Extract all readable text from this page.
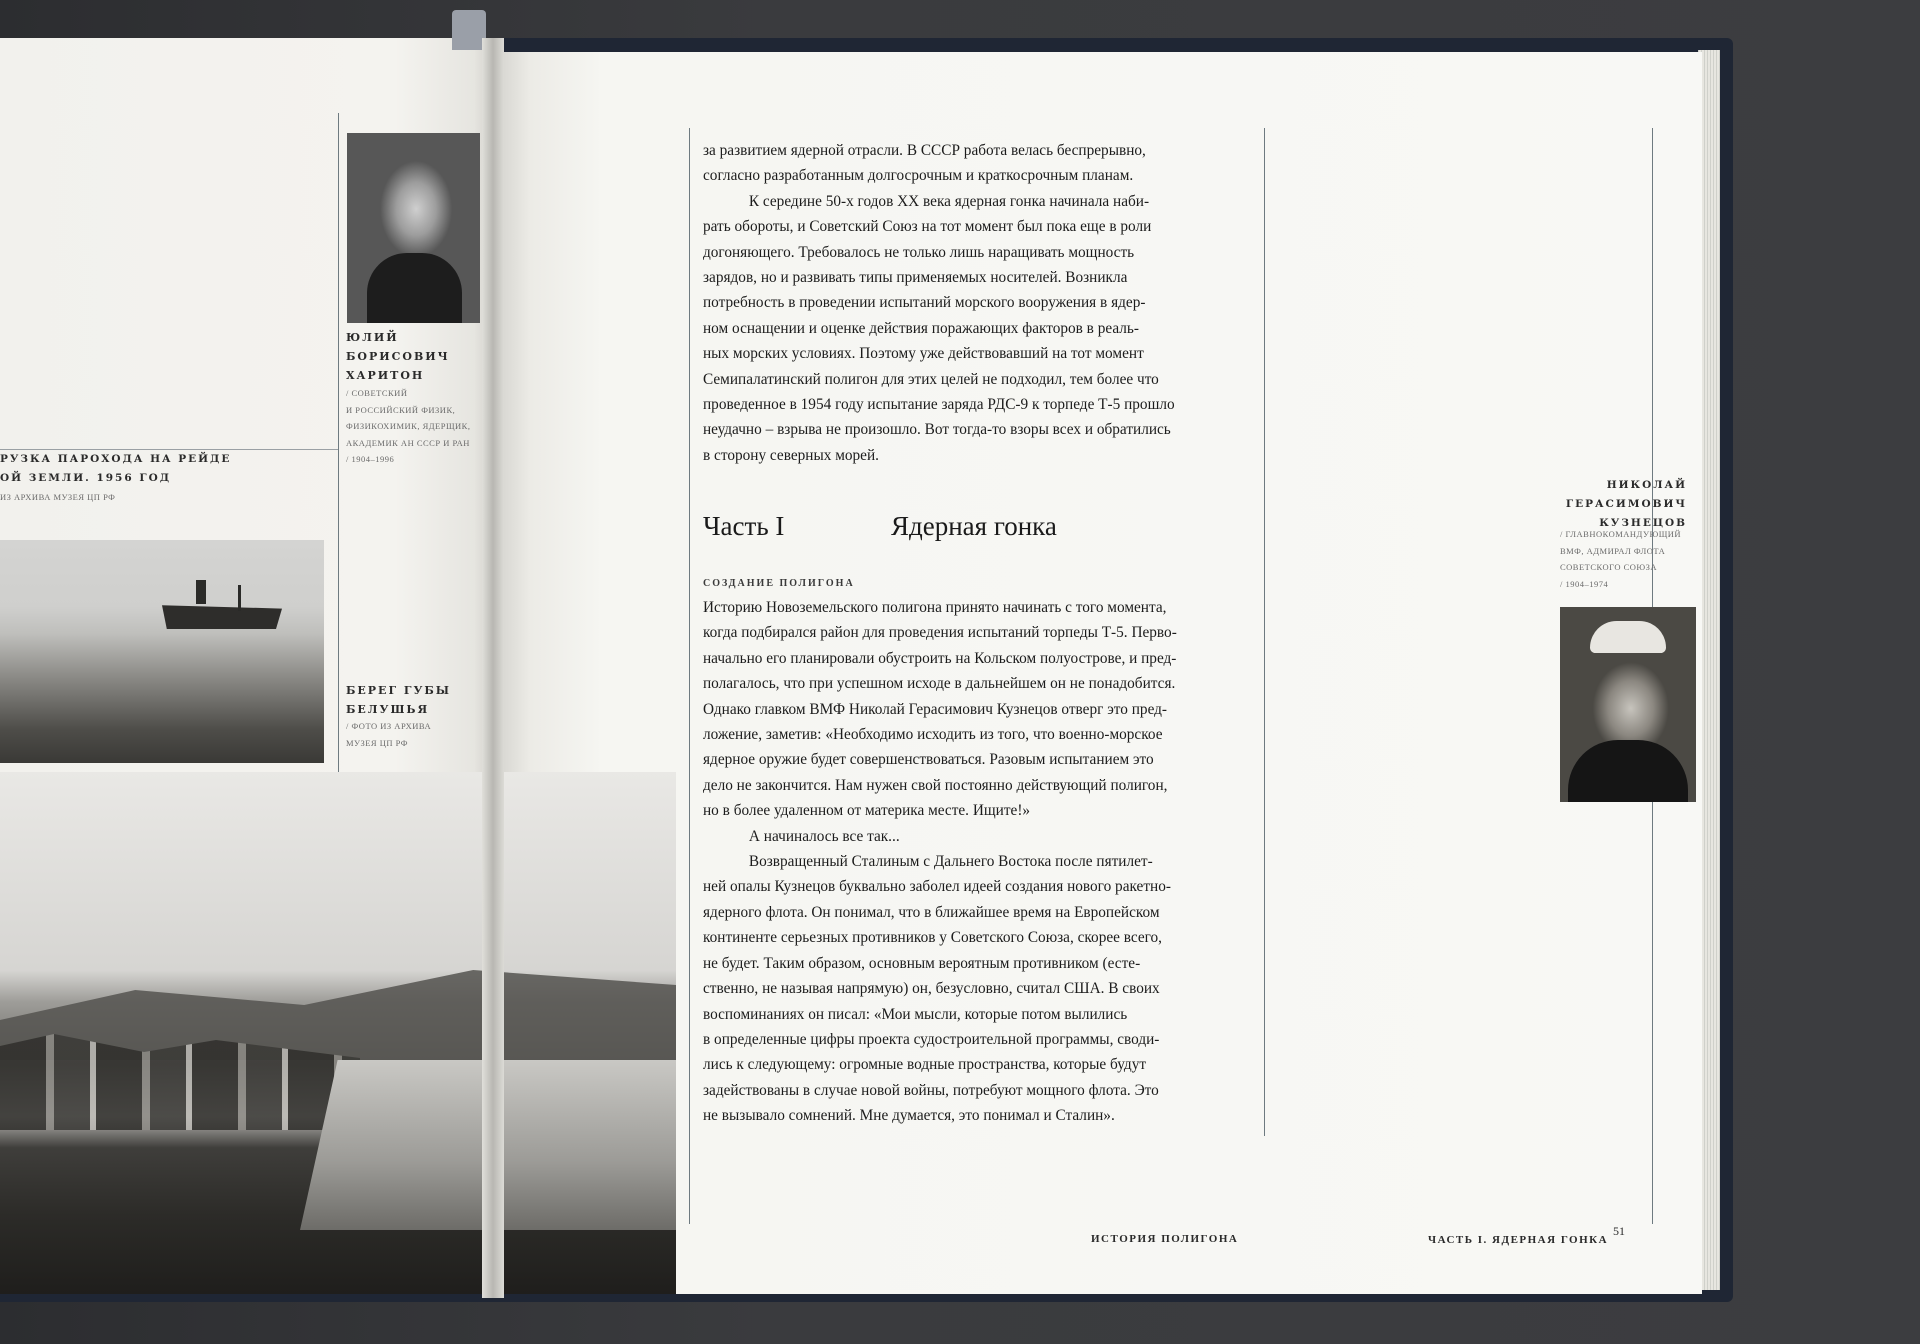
ЮЛИЙ
БОРИСОВИЧ
ХАРИТОН
/ СОВЕТСКИЙ
И РОССИЙСКИЙ ФИЗИК,
ФИЗИКОХИМИК, ЯДЕРЩИК,
АКАДЕМИК АН СССР И РАН
/ 1904–1996
РУЗКА ПАРОХОДА НА РЕЙДЕ
ОЙ ЗЕМЛИ. 1956 ГОД
ИЗ АРХИВА МУЗЕЯ ЦП РФ
БЕРЕГ ГУБЫ
БЕЛУШЬЯ
/ ФОТО ИЗ АРХИВА
МУЗЕЯ ЦП РФ
за развитием ядерной отрасли. В СССР работа велась беспрерывно,
согласно разработанным долгосрочным и краткосрочным планам.
К середине 50-х годов XX века ядерная гонка начинала наби-
рать обороты, и Советский Союз на тот момент был пока еще в роли
догоняющего. Требовалось не только лишь наращивать мощность
зарядов, но и развивать типы применяемых носителей. Возникла
потребность в проведении испытаний морского вооружения в ядер-
ном оснащении и оценке действия поражающих факторов в реаль-
ных морских условиях. Поэтому уже действовавший на тот момент
Семипалатинский полигон для этих целей не подходил, тем более что
проведенное в 1954 году испытание заряда РДС-9 к торпеде Т-5 прошло
неудачно – взрыва не произошло. Вот тогда-то взоры всех и обратились
в сторону северных морей.
Часть I	Ядерная гонка
СОЗДАНИЕ ПОЛИГОНА
Историю Новоземельского полигона принято начинать с того момента,
когда подбирался район для проведения испытаний торпеды Т-5. Перво-
начально его планировали обустроить на Кольском полуострове, и пред-
полагалось, что при успешном исходе в дальнейшем он не понадобится.
Однако главком ВМФ Николай Герасимович Кузнецов отверг это пред-
ложение, заметив: «Необходимо исходить из того, что военно-морское
ядерное оружие будет совершенствоваться. Разовым испытанием это
дело не закончится. Нам нужен свой постоянно действующий полигон,
но в более удаленном от материка месте. Ищите!»
А начиналось все так...
Возвращенный Сталиным с Дальнего Востока после пятилет-
ней опалы Кузнецов буквально заболел идеей создания нового ракетно-
ядерного флота. Он понимал, что в ближайшее время на Европейском
континенте серьезных противников у Советского Союза, скорее всего,
не будет. Таким образом, основным вероятным противником (есте-
ственно, не называя напрямую) он, безусловно, считал США. В своих
воспоминаниях он писал: «Мои мысли, которые потом вылились
в определенные цифры проекта судостроительной программы, своди-
лись к следующему: огромные водные пространства, которые будут
задействованы в случае новой войны, потребуют мощного флота. Это
не вызывало сомнений. Мне думается, это понимал и Сталин».
НИКОЛАЙ
ГЕРАСИМОВИЧ
КУЗНЕЦОВ
/ ГЛАВНОКОМАНДУЮЩИЙ
ВМФ, АДМИРАЛ ФЛОТА
СОВЕТСКОГО СОЮЗА
/ 1904–1974
ИСТОРИЯ ПОЛИГОНА	ЧАСТЬ I. ЯДЕРНАЯ ГОНКА
51
